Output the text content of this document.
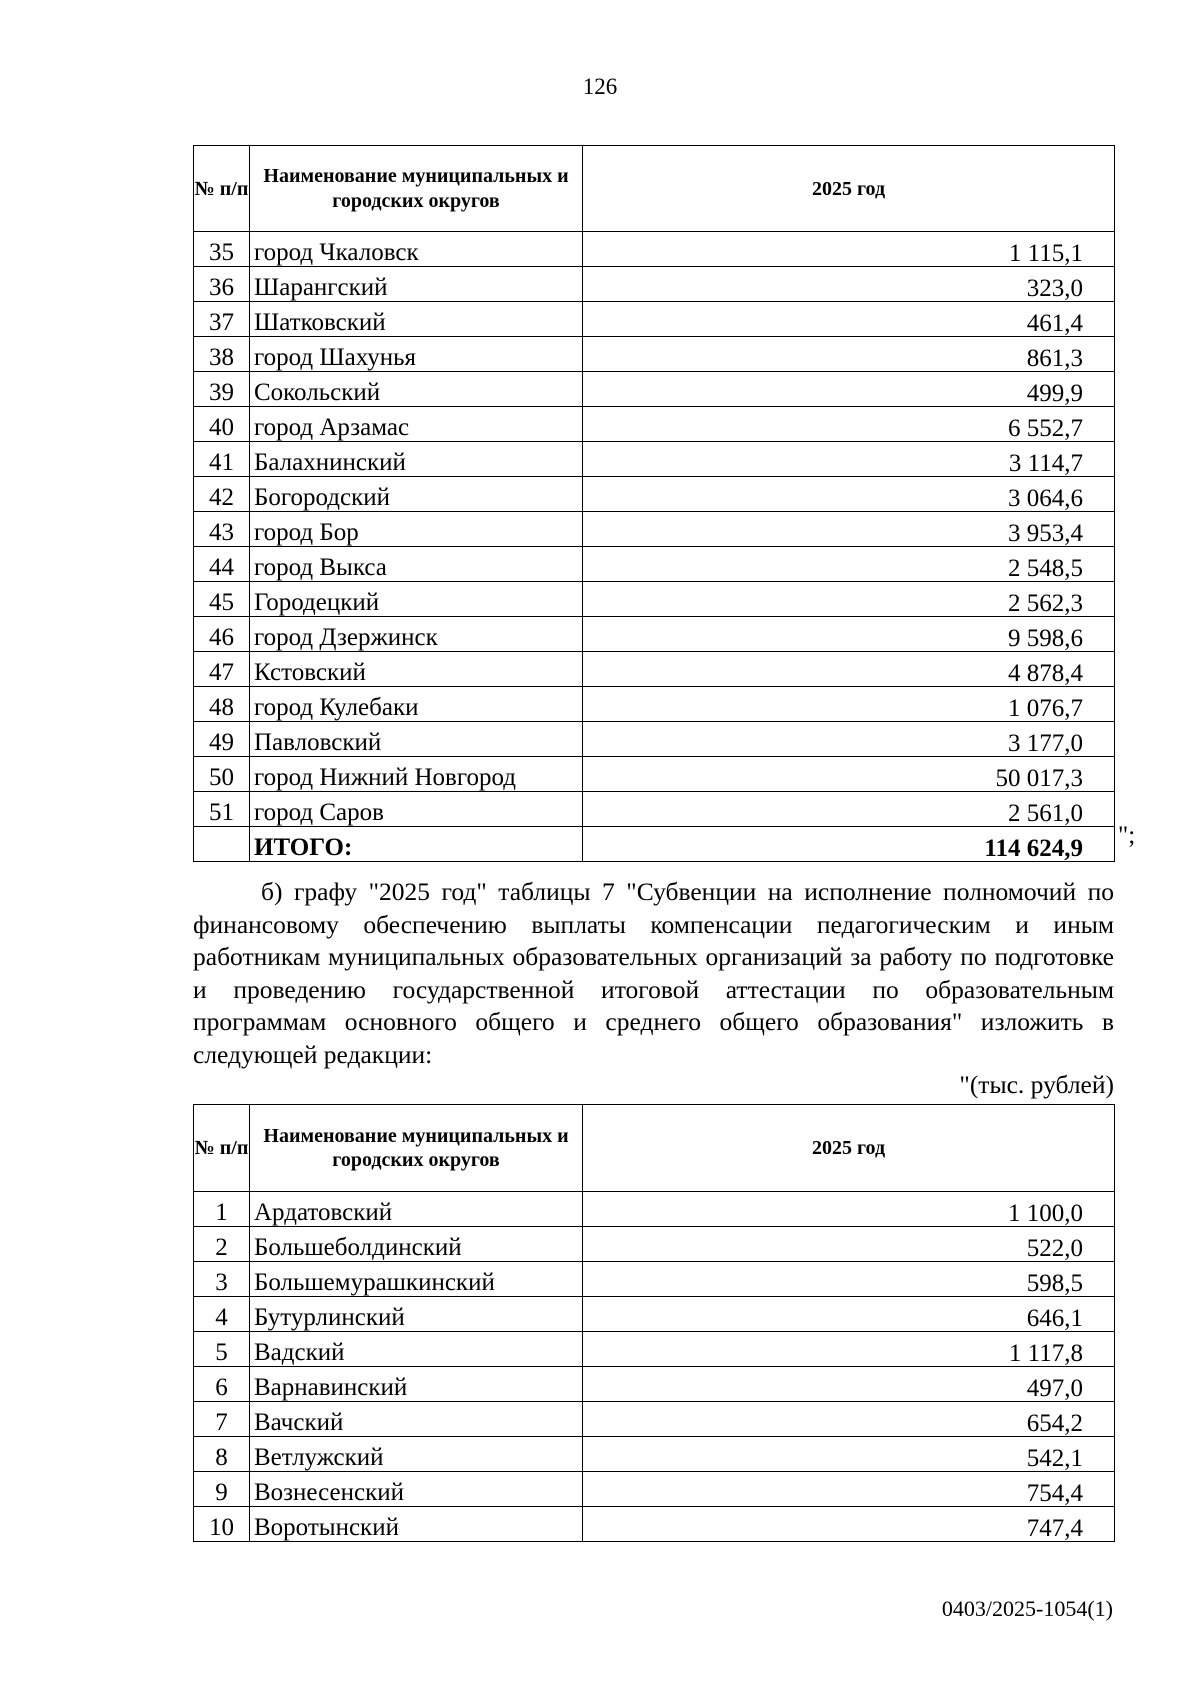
126
№ п/п	Наименование муниципальных и городских округов	2025 год
35	город Чкаловск	1 115,1
36	Шарангский	323,0
37	Шатковский	461,4
38	город Шахунья	861,3
39	Сокольский	499,9
40	город Арзамас	6 552,7
41	Балахнинский	3 114,7
42	Богородский	3 064,6
43	город Бор	3 953,4
44	город Выкса	2 548,5
45	Городецкий	2 562,3
46	город Дзержинск	9 598,6
47	Кстовский	4 878,4
48	город Кулебаки	1 076,7
49	Павловский	3 177,0
50	город Нижний Новгород	50 017,3
51	город Саров	2 561,0
	ИТОГО:	114 624,9 ";
б) графу "2025 год" таблицы 7 "Субвенции на исполнение полномочий по финансовому обеспечению выплаты компенсации педагогическим и иным работникам муниципальных образовательных организаций за работу по подготовке и проведению государственной итоговой аттестации по образовательным программам основного общего и среднего общего образования" изложить в следующей редакции:
"(тыс. рублей)
№ п/п	Наименование муниципальных и городских округов	2025 год
1	Ардатовский	1 100,0
2	Большеболдинский	522,0
3	Большемурашкинский	598,5
4	Бутурлинский	646,1
5	Вадский	1 117,8
6	Варнавинский	497,0
7	Вачский	654,2
8	Ветлужский	542,1
9	Вознесенский	754,4
10	Воротынский	747,4
0403/2025-1054(1)
